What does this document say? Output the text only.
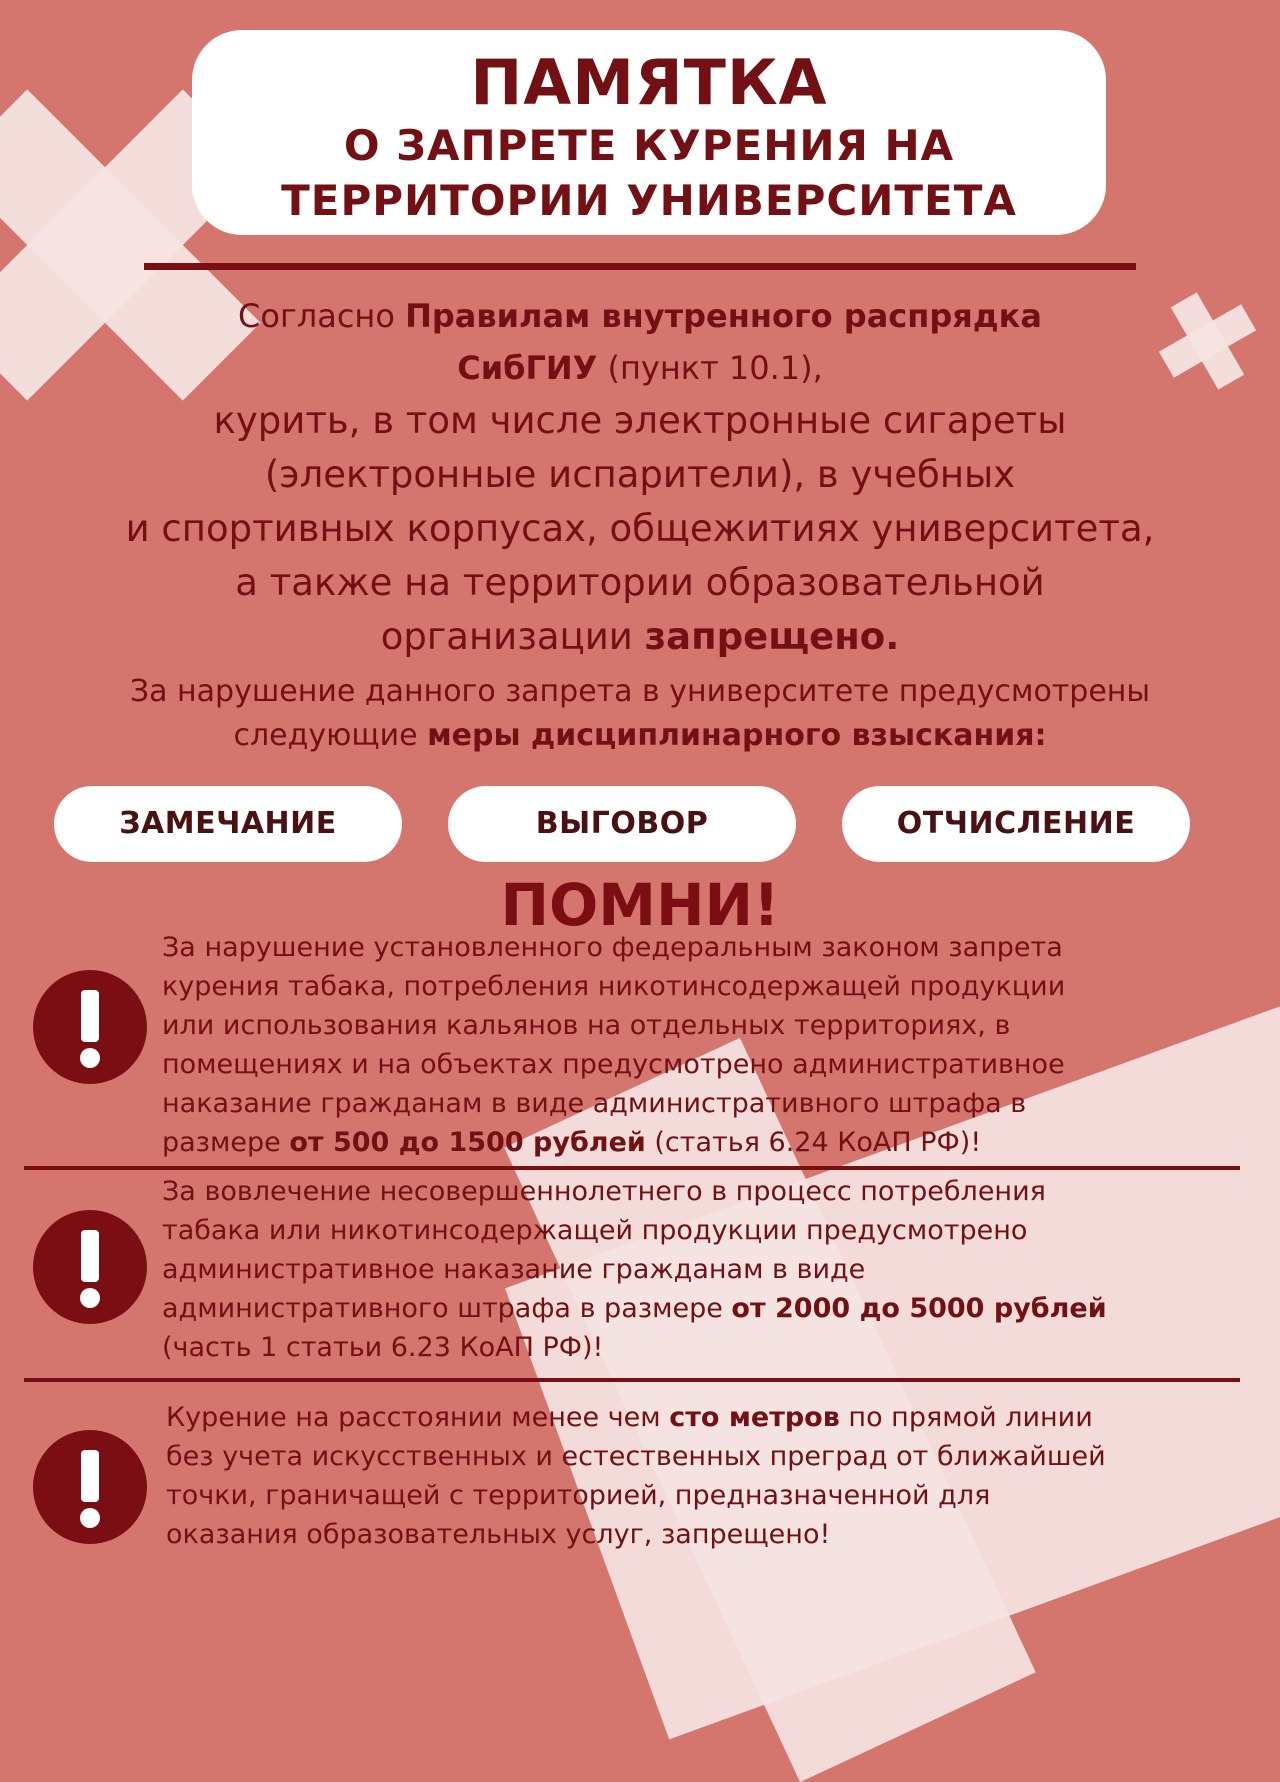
ПАМЯТКА
О ЗАПРЕТЕ КУРЕНИЯ НА
ТЕРРИТОРИИ УНИВЕРСИТЕТА
Согласно Правилам внутренного распрядка
СибГИУ (пункт 10.1),
курить, в том числе электронные сигареты
(электронные испарители), в учебных
и спортивных корпусах, общежитиях университета,
а также на территории образовательной
организации запрещено.
За нарушение данного запрета в университете предусмотрены
следующие меры дисциплинарного взыскания:
ЗАМЕЧАНИЕ	ВЫГОВОР	ОТЧИСЛЕНИЕ
ПОМНИ!
За нарушение установленного федеральным законом запрета
курения табака, потребления никотинсодержащей продукции
или использования кальянов на отдельных территориях, в
помещениях и на объектах предусмотрено административное
наказание гражданам в виде административного штрафа в
размере от 500 до 1500 рублей (статья 6.24 КоАП РФ)!
За вовлечение несовершеннолетнего в процесс потребления
табака или никотинсодержащей продукции предусмотрено
административное наказание гражданам в виде
административного штрафа в размере от 2000 до 5000 рублей
(часть 1 статьи 6.23 КоАП РФ)!
Курение на расстоянии менее чем сто метров по прямой линии
без учета искусственных и естественных преград от ближайшей
точки, граничащей с территорией, предназначенной для
оказания образовательных услуг, запрещено!
